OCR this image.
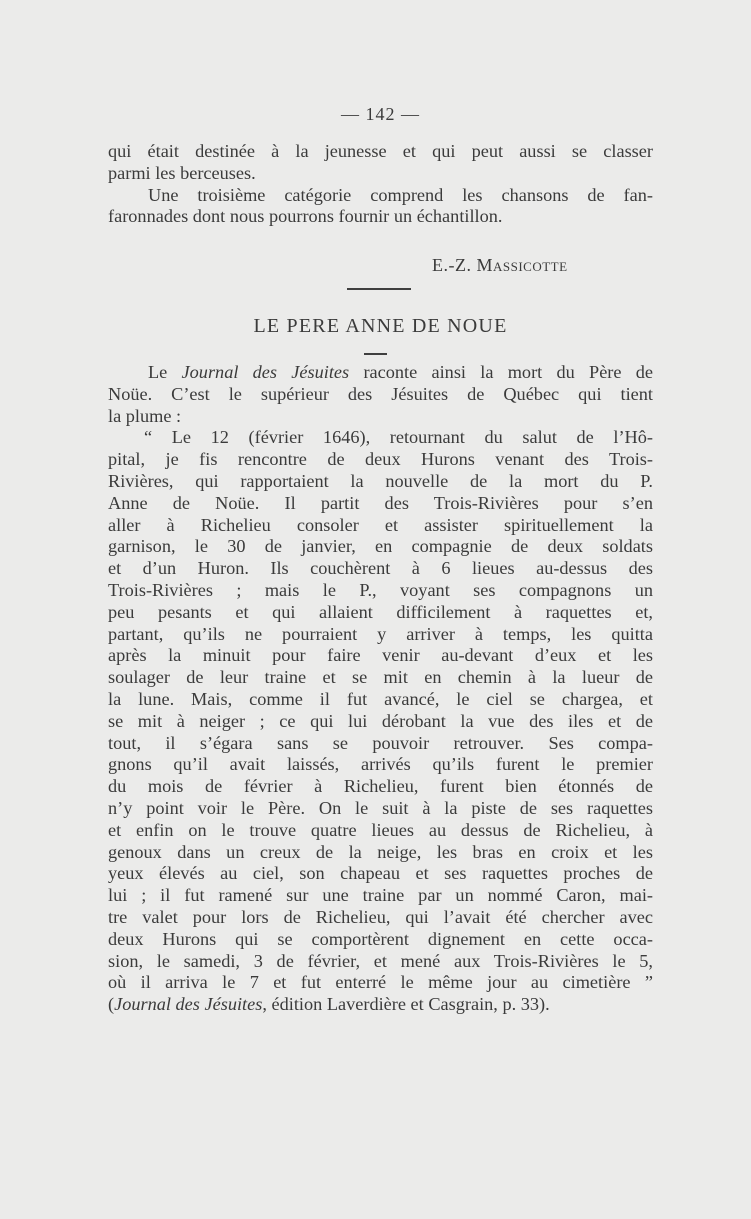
— 142 —
qui était destinée à la jeunesse et qui peut aussi se classer
parmi les berceuses.
Une troisième catégorie comprend les chansons de fan-
faronnades dont nous pourrons fournir un échantillon.
E.-Z. Massicotte
LE PERE ANNE DE NOUE
Le Journal des Jésuites raconte ainsi la mort du Père de
Noüe. C’est le supérieur des Jésuites de Québec qui tient
la plume :
“ Le 12 (février 1646), retournant du salut de l’Hô-
pital, je fis rencontre de deux Hurons venant des Trois-
Rivières, qui rapportaient la nouvelle de la mort du P.
Anne de Noüe. Il partit des Trois-Rivières pour s’en
aller à Richelieu consoler et assister spirituellement la
garnison, le 30 de janvier, en compagnie de deux soldats
et d’un Huron. Ils couchèrent à 6 lieues au-dessus des
Trois-Rivières ; mais le P., voyant ses compagnons un
peu pesants et qui allaient difficilement à raquettes et,
partant, qu’ils ne pourraient y arriver à temps, les quitta
après la minuit pour faire venir au-devant d’eux et les
soulager de leur traine et se mit en chemin à la lueur de
la lune. Mais, comme il fut avancé, le ciel se chargea, et
se mit à neiger ; ce qui lui dérobant la vue des iles et de
tout, il s’égara sans se pouvoir retrouver. Ses compa-
gnons qu’il avait laissés, arrivés qu’ils furent le premier
du mois de février à Richelieu, furent bien étonnés de
n’y point voir le Père. On le suit à la piste de ses raquettes
et enfin on le trouve quatre lieues au dessus de Richelieu, à
genoux dans un creux de la neige, les bras en croix et les
yeux élevés au ciel, son chapeau et ses raquettes proches de
lui ; il fut ramené sur une traine par un nommé Caron, mai-
tre valet pour lors de Richelieu, qui l’avait été chercher avec
deux Hurons qui se comportèrent dignement en cette occa-
sion, le samedi, 3 de février, et mené aux Trois-Rivières le 5,
où il arriva le 7 et fut enterré le même jour au cimetière ”
(Journal des Jésuites, édition Laverdière et Casgrain, p. 33).
